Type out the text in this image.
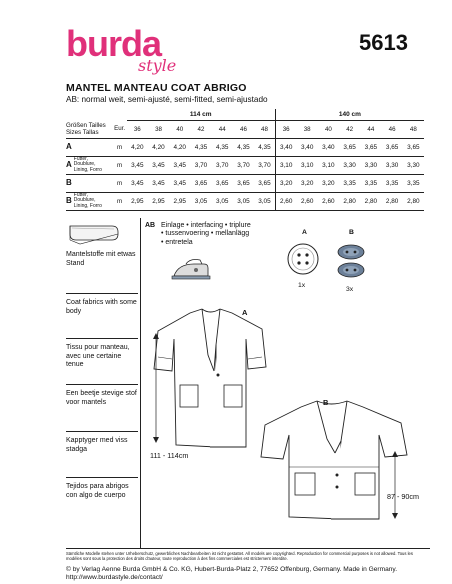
burda
style
5613
MANTEL MANTEAU COAT ABRIGO
AB: normal weit, semi-ajusté, semi-fitted, semi-ajustado
		114 cm							140 cm						

Größen Tailles
Sizes Tallas	Eur.	36	38	40	42	44	46	48	36	38	40	42	44	46	48
A	m	4,20	4,20	4,20	4,35	4,35	4,35	4,35	3,40	3,40	3,40	3,65	3,65	3,65	3,65
AFutter, Doublure, Lining, Forro	m	3,45	3,45	3,45	3,70	3,70	3,70	3,70	3,10	3,10	3,10	3,30	3,30	3,30	3,30
B	m	3,45	3,45	3,45	3,65	3,65	3,65	3,65	3,20	3,20	3,20	3,35	3,35	3,35	3,35
BFutter, Doublure, Lining, Forro	m	2,95	2,95	2,95	3,05	3,05	3,05	3,05	2,60	2,60	2,60	2,80	2,80	2,80	2,80
Mantelstoffe mit etwas Stand
Coat fabrics with some body
Tissu pour manteau, avec une certaine tenue
Een beetje stevige stof voor mantels
Kapptyger med viss stadga
Tejidos para abrigos con algo de cuerpo
AB Einlage • interfacing • triplure • tussenvoering • mellanlägg • entretela
A	B
1x
3x
A
111 - 114cm
B
87 - 90cm
Sämtliche Modelle stehen unter Urheberschutz, gewerbliches Nachbearbeiten ist nicht gestattet. All models are copyrighted. Reproduction for commercial purposes is not allowed. Tous les modèles sont sous la protection des droits d'auteur, toute reproduction à des fins commerciales est strictement interdite.
© by Verlag Aenne Burda GmbH & Co. KG, Hubert-Burda-Platz 2, 77652 Offenburg, Germany. Made in Germany.
http://www.burdastyle.de/contact/
